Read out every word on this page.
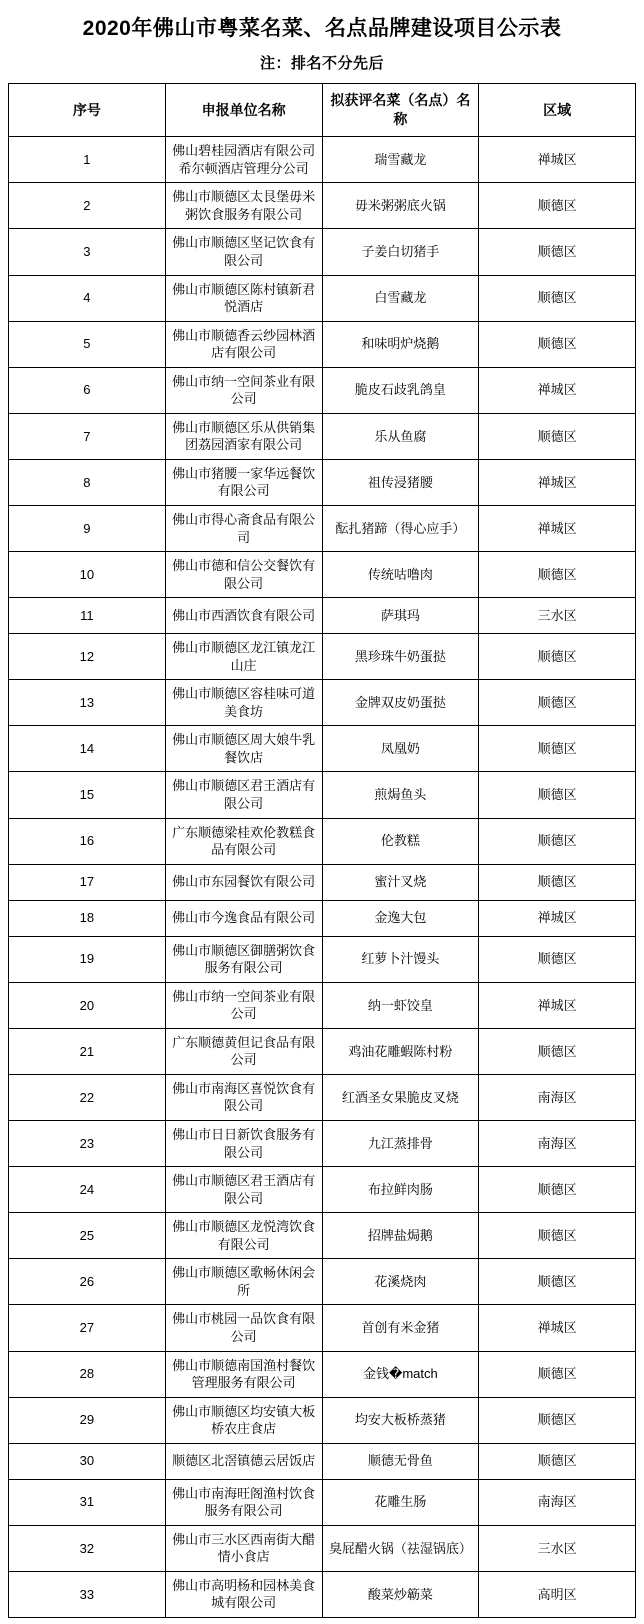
2020年佛山市粤菜名菜、名点品牌建设项目公示表
注：排名不分先后
序号	申报单位名称	拟获评名菜（名点）名称	区域
1	佛山碧桂园酒店有限公司希尔顿酒店管理分公司	瑞雪藏龙	禅城区
2	佛山市顺德区太艮堡毋米粥饮食服务有限公司	毋米粥粥底火锅	顺德区
3	佛山市顺德区坚记饮食有限公司	子姜白切猪手	顺德区
4	佛山市顺德区陈村镇新君悦酒店	白雪藏龙	顺德区
5	佛山市顺德香云纱园林酒店有限公司	和味明炉烧鹅	顺德区
6	佛山市纳一空间茶业有限公司	脆皮石歧乳鸽皇	禅城区
7	佛山市顺德区乐从供销集团荔园酒家有限公司	乐从鱼腐	顺德区
8	佛山市猪腰一家华远餐饮有限公司	祖传浸猪腰	禅城区
9	佛山市得心斋食品有限公司	酝扎猪蹄（得心应手）	禅城区
10	佛山市德和信公交餐饮有限公司	传统咕噜肉	顺德区
11	佛山市西酒饮食有限公司	萨琪玛	三水区
12	佛山市顺德区龙江镇龙江山庄	黑珍珠牛奶蛋挞	顺德区
13	佛山市顺德区容桂味可道美食坊	金牌双皮奶蛋挞	顺德区
14	佛山市顺德区周大娘牛乳餐饮店	凤凰奶	顺德区
15	佛山市顺德区君王酒店有限公司	煎焗鱼头	顺德区
16	广东顺德梁桂欢伦教糕食品有限公司	伦教糕	顺德区
17	佛山市东园餐饮有限公司	蜜汁叉烧	顺德区
18	佛山市今逸食品有限公司	金逸大包	禅城区
19	佛山市顺德区御膳粥饮食服务有限公司	红萝卜汁馒头	顺德区
20	佛山市纳一空间茶业有限公司	纳一虾饺皇	禅城区
21	广东顺德黄但记食品有限公司	鸡油花雕蝦陈村粉	顺德区
22	佛山市南海区喜悦饮食有限公司	红酒圣女果脆皮叉烧	南海区
23	佛山市日日新饮食服务有限公司	九江蒸排骨	南海区
24	佛山市顺德区君王酒店有限公司	布拉鲜肉肠	顺德区
25	佛山市顺德区龙悦湾饮食有限公司	招牌盐焗鹅	顺德区
26	佛山市顺德区歌畅休闲会所	花溪烧肉	顺德区
27	佛山市桃园一品饮食有限公司	首创有米金猪	禅城区
28	佛山市顺德南国渔村餐饮管理服务有限公司	金钱�match	顺德区
29	佛山市顺德区均安镇大板桥农庄食店	均安大板桥蒸猪	顺德区
30	顺德区北滘镇德云居饭店	顺德无骨鱼	顺德区
31	佛山市南海旺阁渔村饮食服务有限公司	花雕生肠	南海区
32	佛山市三水区西南街大醋情小食店	臭屁醋火锅（祛湿锅底）	三水区
33	佛山市高明杨和园林美食城有限公司	酸菜炒簕菜	高明区
